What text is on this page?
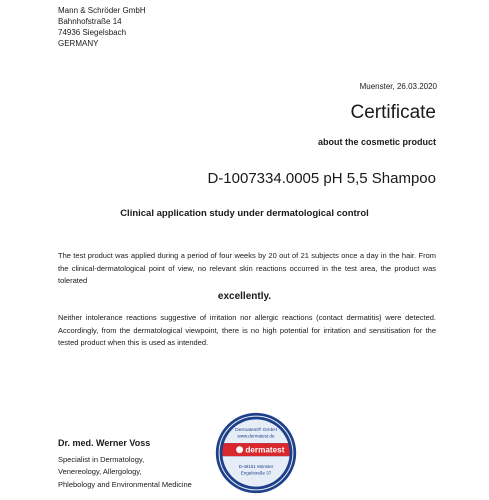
Mann & Schröder GmbH
Bahnhofstraße 14
74936 Siegelsbach
GERMANY
Muenster, 26.03.2020
Certificate
about the cosmetic product
D-1007334.0005 pH 5,5 Shampoo
Clinical application study under dermatological control
The test product was applied during a period of four weeks by 20 out of 21 subjects once a day in the hair. From the clinical-dermatological point of view, no relevant skin reactions occurred in the test area, the product was tolerated
excellently.
Neither intolerance reactions suggestive of irritation nor allergic reactions (contact dermatitis) were detected. Accordingly, from the dermatological viewpoint, there is no high potential for irritation and sensitisation for the tested product when this is used as intended.
Dr. med. Werner Voss
Specialist in Dermatology,
Venereology, Allergology,
Phlebology and Environmental Medicine
Dermatest® GmbH
www.dermatest.de
dermatest
D-48161 Münster
Engelstraße 37
